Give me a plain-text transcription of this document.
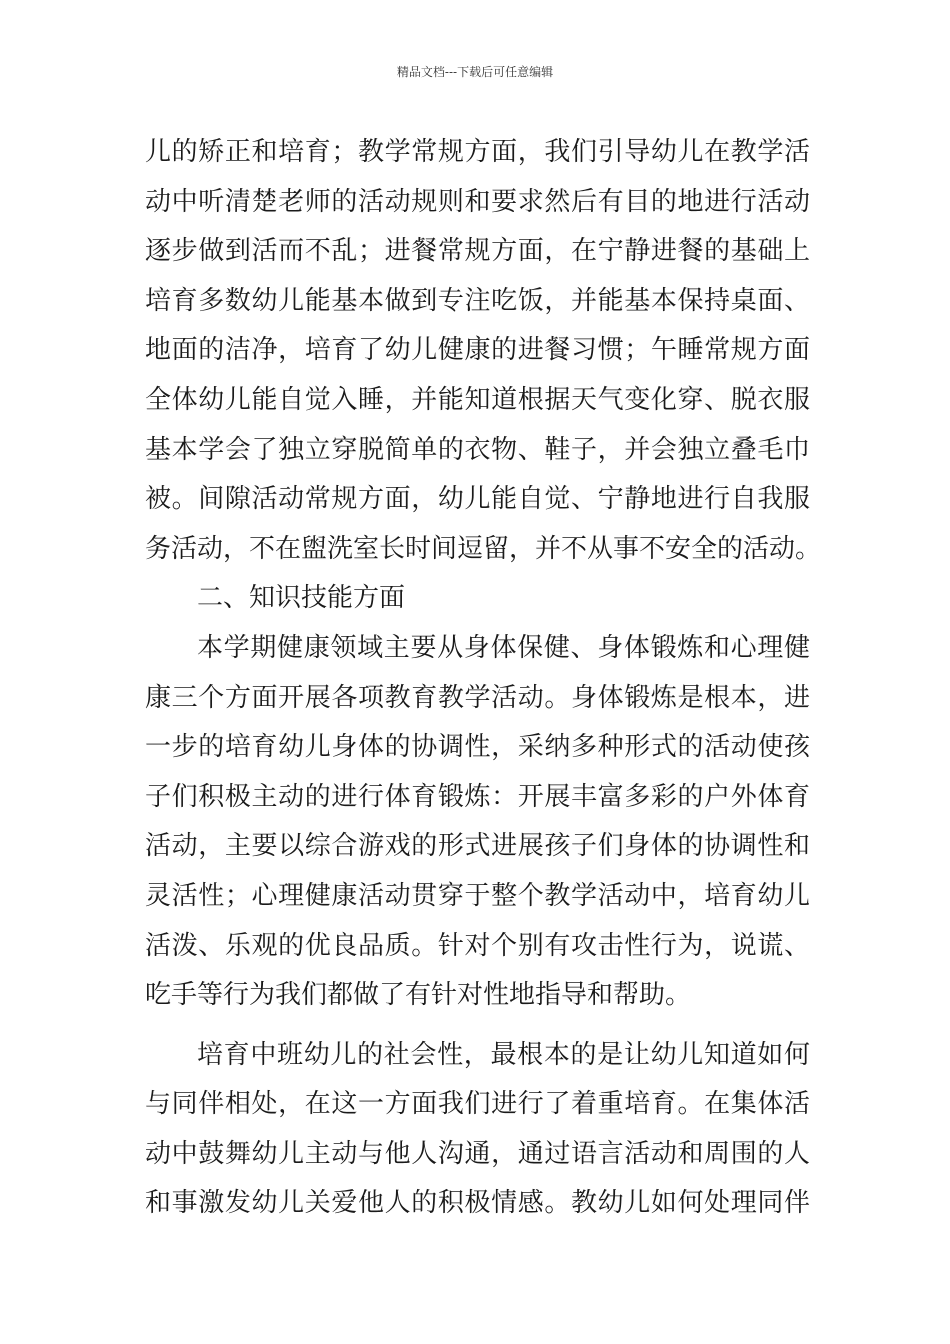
精品文档---下载后可任意编辑
儿的矫正和培育；教学常规方面，我们引导幼儿在教学活
动中听清楚老师的活动规则和要求然后有目的地进行活动
逐步做到活而不乱；进餐常规方面，在宁静进餐的基础上
培育多数幼儿能基本做到专注吃饭，并能基本保持桌面、
地面的洁净，培育了幼儿健康的进餐习惯；午睡常规方面
全体幼儿能自觉入睡，并能知道根据天气变化穿、脱衣服
基本学会了独立穿脱简单的衣物、鞋子，并会独立叠毛巾
被。间隙活动常规方面，幼儿能自觉、宁静地进行自我服
务活动，不在盥洗室长时间逗留，并不从事不安全的活动。
二、知识技能方面
本学期健康领域主要从身体保健、身体锻炼和心理健
康三个方面开展各项教育教学活动。身体锻炼是根本，进
一步的培育幼儿身体的协调性，采纳多种形式的活动使孩
子们积极主动的进行体育锻炼：开展丰富多彩的户外体育
活动，主要以综合游戏的形式进展孩子们身体的协调性和
灵活性；心理健康活动贯穿于整个教学活动中，培育幼儿
活泼、乐观的优良品质。针对个别有攻击性行为，说谎、
吃手等行为我们都做了有针对性地指导和帮助。
培育中班幼儿的社会性，最根本的是让幼儿知道如何
与同伴相处，在这一方面我们进行了着重培育。在集体活
动中鼓舞幼儿主动与他人沟通，通过语言活动和周围的人
和事激发幼儿关爱他人的积极情感。教幼儿如何处理同伴
